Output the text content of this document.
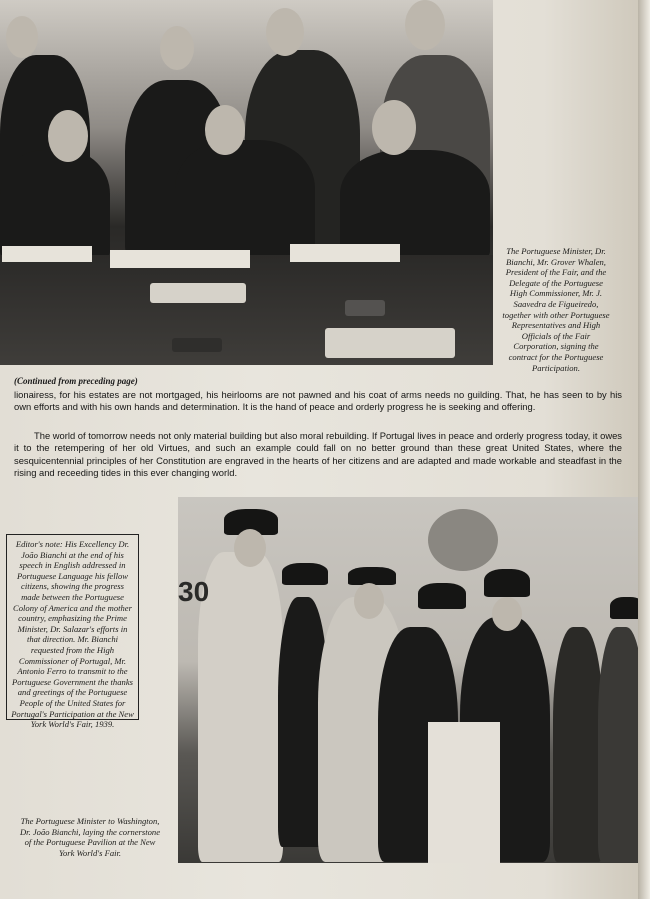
The Portuguese Minister, Dr. Bianchi, Mr. Grover Whalen, President of the Fair, and the Delegate of the Portuguese High Commissioner, Mr. J. Saavedra de Figueiredo, together with other Portuguese Representatives and High Officials of the Fair Corporation, signing the contract for the Portuguese Participation.
(Continued from preceding page)

lionairess, for his estates are not mortgaged, his heirlooms are not pawned and his coat of arms needs no guilding. That, he has seen to by his own efforts and with his own hands and determination. It is the hand of peace and orderly progress he is seeking and offering.

The world of tomorrow needs not only material building but also moral rebuilding. If Portugal lives in peace and orderly progress today, it owes it to the retempering of her old Virtues, and such an example could fall on no better ground than these great United States, where the sesquicentennial principles of her Constitution are engraved in the hearts of her citizens and are adapted and made workable and steadfast in the rising and receeding tides in this ever changing world.

Editor's note: His Excellency Dr. João Bianchi at the end of his speech in English addressed in Portuguese Language his fellow citizens, showing the progress made between the Portuguese Colony of America and the mother country, emphasizing the Prime Minister, Dr. Salazar's efforts in that direction. Mr. Bianchi requested from the High Commissioner of Portugal, Mr. Antonio Ferro to transmit to the Portuguese Government the thanks and greetings of the Portuguese People of the United States for Portugal's Participation at the New York World's Fair, 1939.
30
The Portuguese Minister to Washington, Dr. João Bianchi, laying the cornerstone of the Portuguese Pavilion at the New York World's Fair.
